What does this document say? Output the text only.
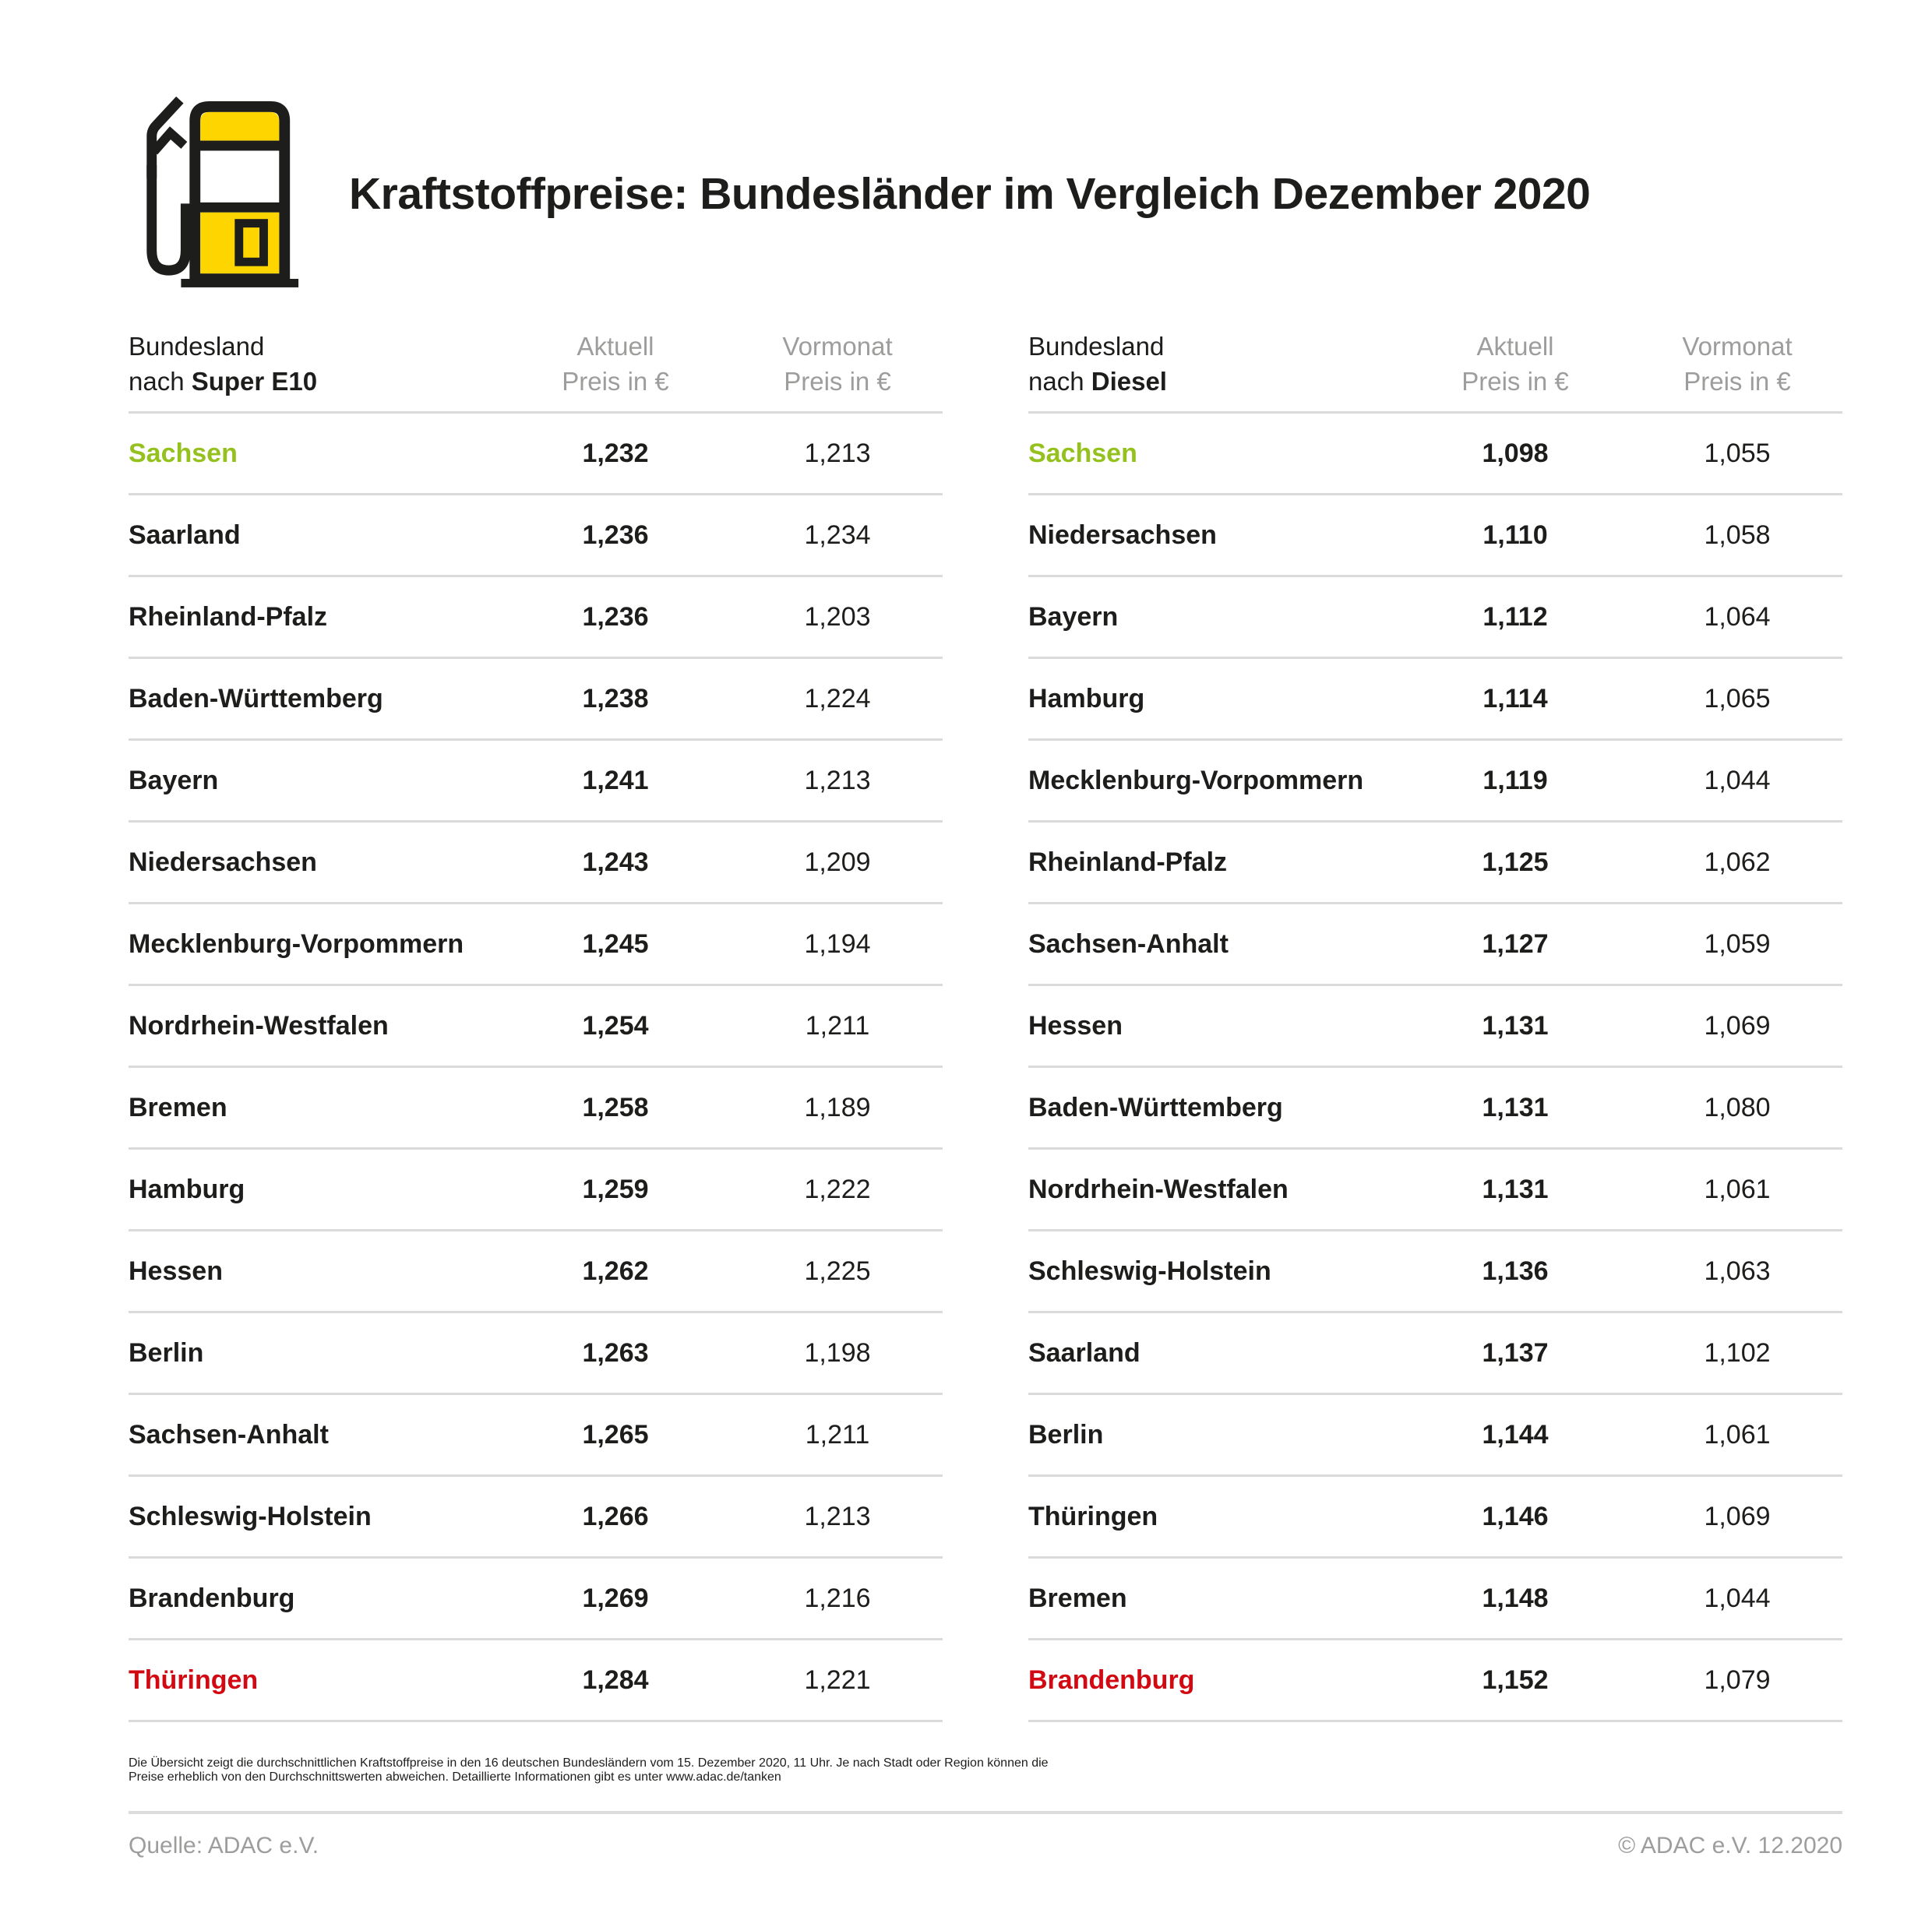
Kraftstoffpreise: Bundesländer im Vergleich Dezember 2020
Bundesland
nach Super E10
Aktuell
Preis in €
Vormonat
Preis in €
Sachsen	1,232	1,213
Saarland	1,236	1,234
Rheinland-Pfalz	1,236	1,203
Baden-Württemberg	1,238	1,224
Bayern	1,241	1,213
Niedersachsen	1,243	1,209
Mecklenburg-Vorpommern	1,245	1,194
Nordrhein-Westfalen	1,254	1,211
Bremen	1,258	1,189
Hamburg	1,259	1,222
Hessen	1,262	1,225
Berlin	1,263	1,198
Sachsen-Anhalt	1,265	1,211
Schleswig-Holstein	1,266	1,213
Brandenburg	1,269	1,216
Thüringen	1,284	1,221
Bundesland
nach Diesel
Aktuell
Preis in €
Vormonat
Preis in €
Sachsen	1,098	1,055
Niedersachsen	1,110	1,058
Bayern	1,112	1,064
Hamburg	1,114	1,065
Mecklenburg-Vorpommern	1,119	1,044
Rheinland-Pfalz	1,125	1,062
Sachsen-Anhalt	1,127	1,059
Hessen	1,131	1,069
Baden-Württemberg	1,131	1,080
Nordrhein-Westfalen	1,131	1,061
Schleswig-Holstein	1,136	1,063
Saarland	1,137	1,102
Berlin	1,144	1,061
Thüringen	1,146	1,069
Bremen	1,148	1,044
Brandenburg	1,152	1,079

Die Übersicht zeigt die durchschnittlichen Kraftstoffpreise in den 16 deutschen Bundesländern vom 15. Dezember 2020, 11 Uhr. Je nach Stadt oder Region können die
Preise erheblich von den Durchschnittswerten abweichen. Detaillierte Informationen gibt es unter www.adac.de/tanken

Quelle: ADAC e.V.	© ADAC e.V. 12.2020
